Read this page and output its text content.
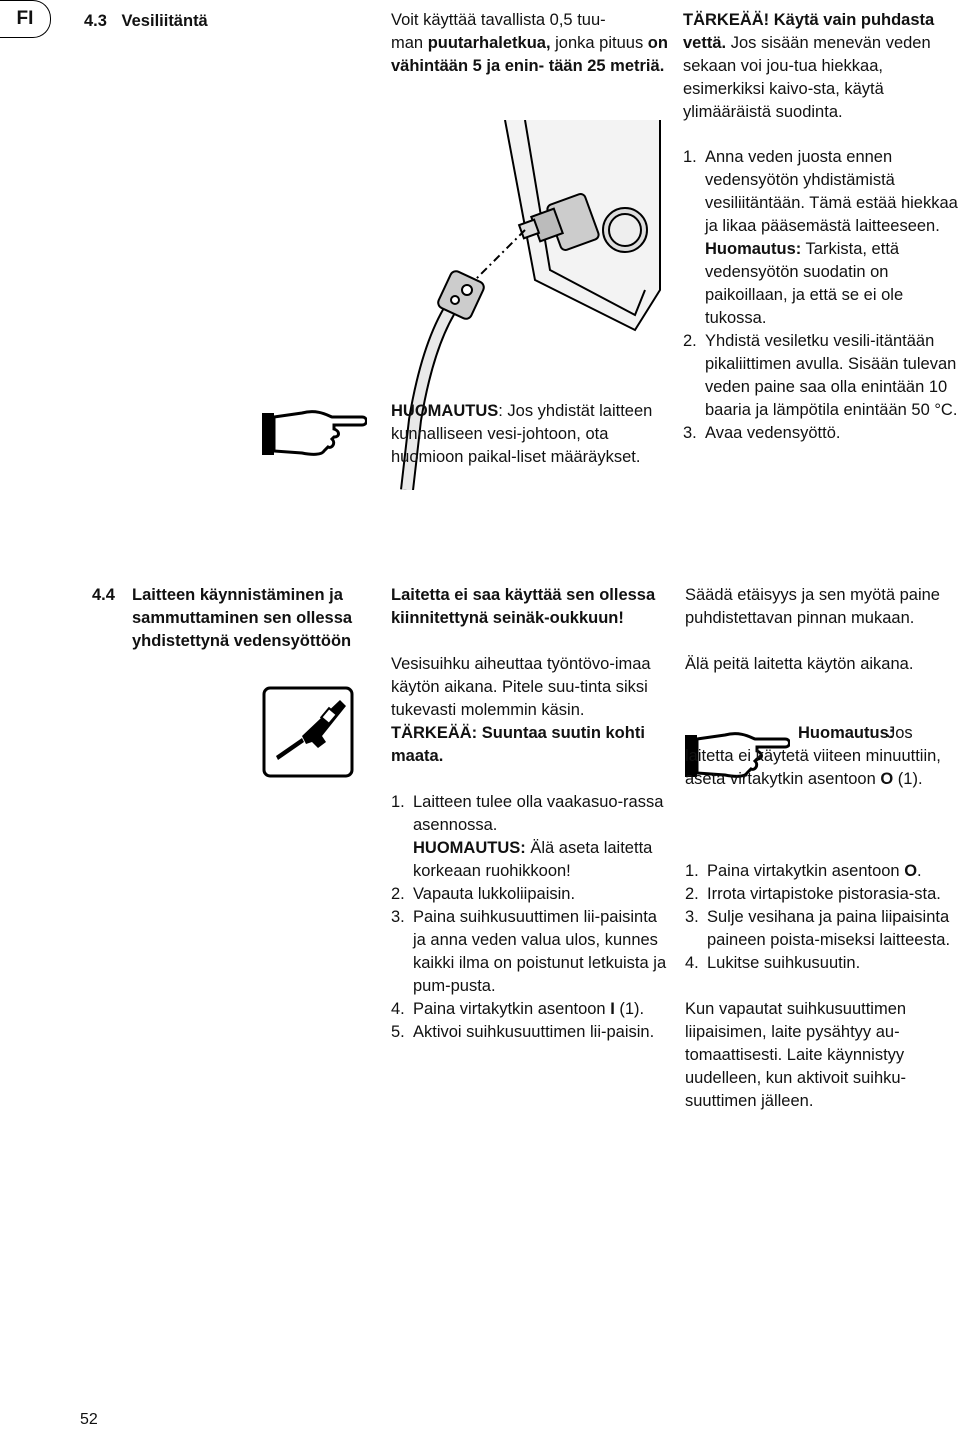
FI	4.3 Vesiliitäntä	Voit käyttää tavallista 0,5 tuu-
man puutarhaletkua, jonka pituus on vähintään 5 ja enin- tään 25 metriä.
HUOMAUTUS: Jos yhdistät laitteen kunnalliseen vesi-johtoon, ota huomioon paikal-liset määräykset.
TÄRKEÄÄ! Käytä vain puhdasta vettä. Jos sisään menevän veden sekaan voi jou-tua hiekkaa, esimerkiksi kaivo-sta, käytä ylimääräistä suodinta.
1. Anna veden juosta ennen vedensyötön yhdistämistä vesiliitäntään. Tämä estää hiekkaa ja likaa pääsemästä laitteeseen.
Huomautus: Tarkista, että vedensyötön suodatin on paikoillaan, ja että se ei ole tukossa.
2. Yhdistä vesiletku vesili-itäntään pikaliittimen avulla. Sisään tulevan veden paine saa olla enintään 10 baaria ja lämpötila enintään 50 °C.
3. Avaa vedensyöttö.
4.4 Laitteen käynnistäminen ja sammuttaminen sen ollessa yhdistettynä vedensyöttöön

Laitetta ei saa käyttää sen ollessa kiinnitettynä seinäk-oukkuun!

Vesisuihku aiheuttaa työntövo-imaa käytön aikana. Pitele suu-tinta siksi tukevasti molemmin käsin. TÄRKEÄÄ: Suuntaa suutin kohti maata.

1. Laitteen tulee olla vaakasuo-rassa asennossa.
HUOMAUTUS: Älä aseta laitetta korkeaan ruohikkoon!
2. Vapauta lukkoliipaisin.
3. Paina suihkusuuttimen lii-paisinta ja anna veden valua ulos, kunnes kaikki ilma on poistunut letkuista ja pum-pusta.
4. Paina virtakytkin asentoon I (1).
5. Aktivoi suihkusuuttimen lii-paisin.

Säädä etäisyys ja sen myötä paine puhdistettavan pinnan mukaan.

Älä peitä laitetta käytön aikana.

Huomautus:
Jos laitetta ei käytetä viiteen minuuttiin, aseta virtakytkin asentoon O (1).
1. Paina virtakytkin asentoon O.
2. Irrota virtapistoke pistorasia-sta.
3. Sulje vesihana ja paina liipaisinta paineen poista-miseksi laitteesta.
4. Lukitse suihkusuutin.

Kun vapautat suihkusuuttimen liipaisimen, laite pysähtyy au-tomaattisesti. Laite käynnistyy uudelleen, kun aktivoit suihku-suuttimen jälleen.

52
